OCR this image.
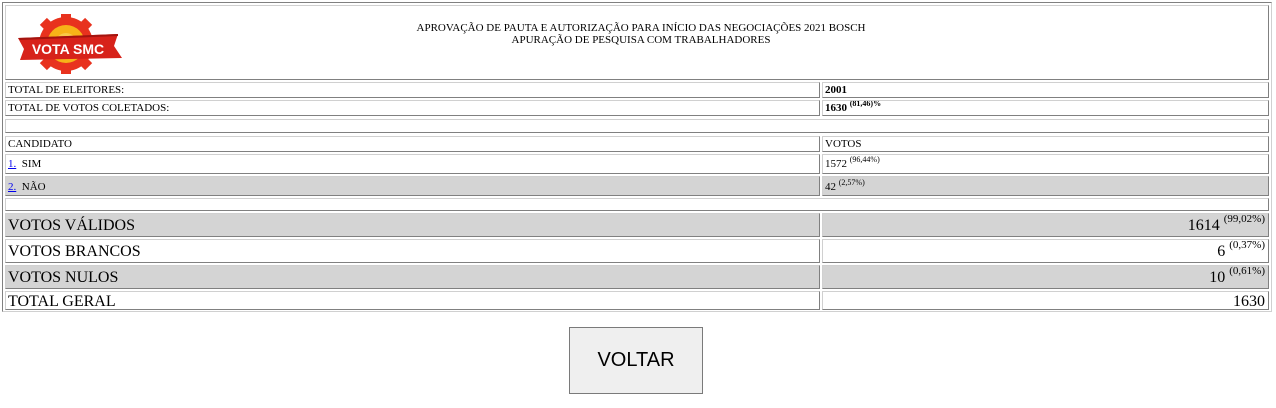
VOTA SMC
APROVAÇÃO DE PAUTA E AUTORIZAÇÃO PARA INÍCIO DAS NEGOCIAÇÕES 2021 BOSCH
APURAÇÃO DE PESQUISA COM TRABALHADORES
TOTAL DE ELEITORES:	2001
TOTAL DE VOTOS COLETADOS:	1630 $^{(81,46)\%}$
CANDIDATO	VOTOS
1. SIM	1572 $^{(96,44\%)}$
2. NÃO	42 $^{(2,57\%)}$
VOTOS VÁLIDOS	1614 $^{(99,02\%)}$
VOTOS BRANCOS	6 $^{(0,37\%)}$
VOTOS NULOS	10 $^{(0,61\%)}$
TOTAL GERAL	1630
VOLTAR
